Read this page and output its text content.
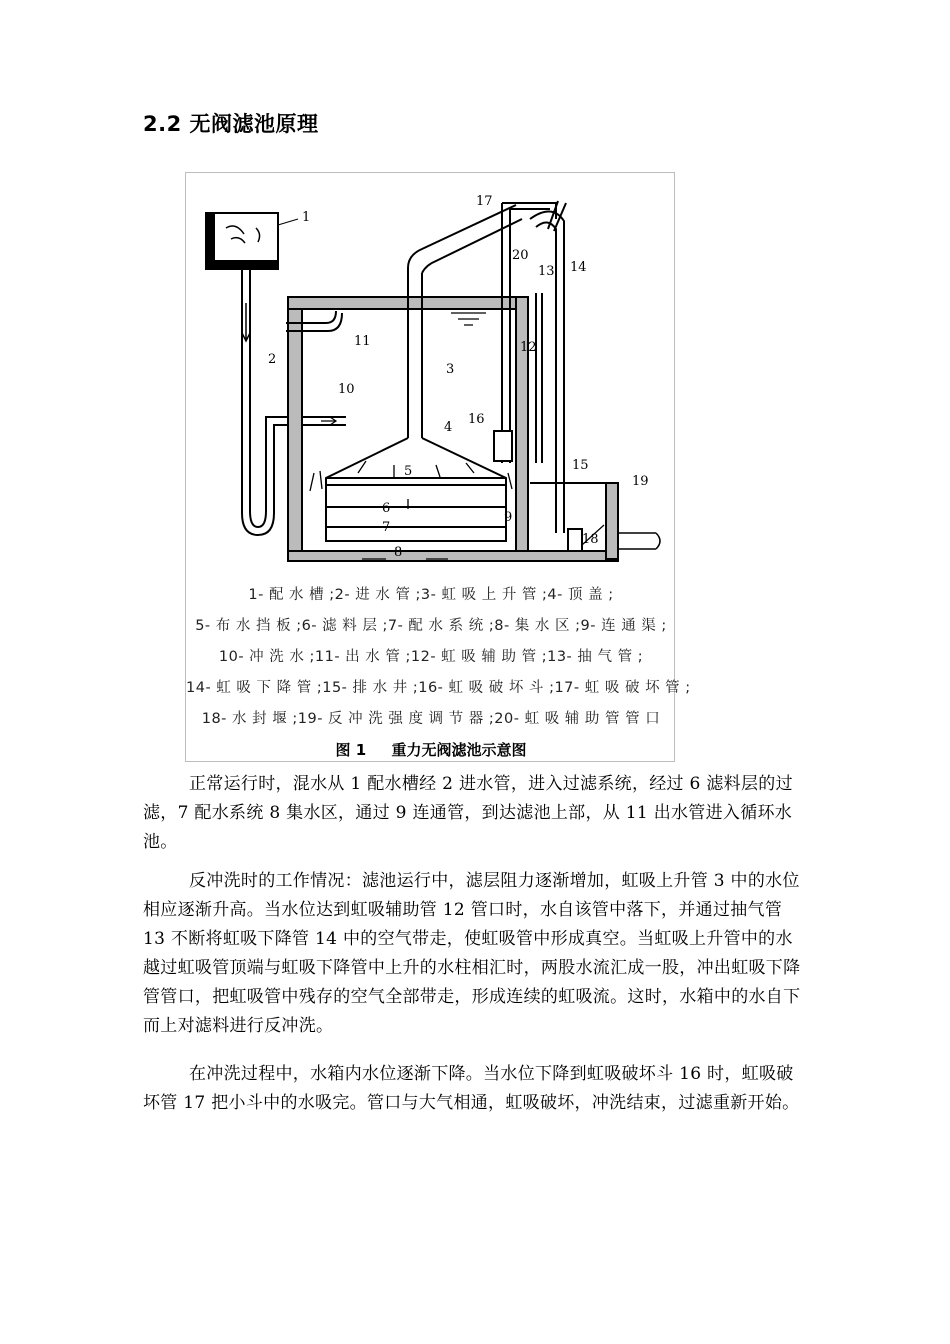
2.2 无阀滤池原理
1
2
3
4
5
6
7
8
9
10
11	12
13 14
15
16
17
18
19
20
1- 配 水 槽 ;2- 进 水 管 ;3- 虹 吸 上 升 管 ;4- 顶 盖 ;
5- 布 水 挡 板 ;6- 滤 料 层 ;7- 配 水 系 统 ;8- 集 水 区 ;9- 连 通 渠 ;
10- 冲 洗 水 ;11- 出 水 管 ;12- 虹 吸 辅 助 管 ;13- 抽 气 管 ;
14- 虹 吸 下 降 管 ;15- 排 水 井 ;16- 虹 吸 破 坏 斗 ;17- 虹 吸 破 坏 管 ;
18- 水 封 堰 ;19- 反 冲 洗 强 度 调 节 器 ;20- 虹 吸 辅 助 管 管 口
图 1 重力无阀滤池示意图

正常运行时，混水从 1 配水槽经 2 进水管，进入过滤系统，经过 6 滤料层的过滤，7 配水系统 8 集水区，通过 9 连通管，到达滤池上部，从 11 出水管进入循环水池。

反冲洗时的工作情况：滤池运行中，滤层阻力逐渐增加，虹吸上升管 3 中的水位相应逐渐升高。当水位达到虹吸辅助管 12 管口时，水自该管中落下，并通过抽气管 13 不断将虹吸下降管 14 中的空气带走，使虹吸管中形成真空。当虹吸上升管中的水越过虹吸管顶端与虹吸下降管中上升的水柱相汇时，两股水流汇成一股，冲出虹吸下降管管口，把虹吸管中残存的空气全部带走，形成连续的虹吸流。这时，水箱中的水自下而上对滤料进行反冲洗。

在冲洗过程中，水箱内水位逐渐下降。当水位下降到虹吸破坏斗 16 时，虹吸破坏管 17 把小斗中的水吸完。管口与大气相通，虹吸破坏，冲洗结束，过滤重新开始。
